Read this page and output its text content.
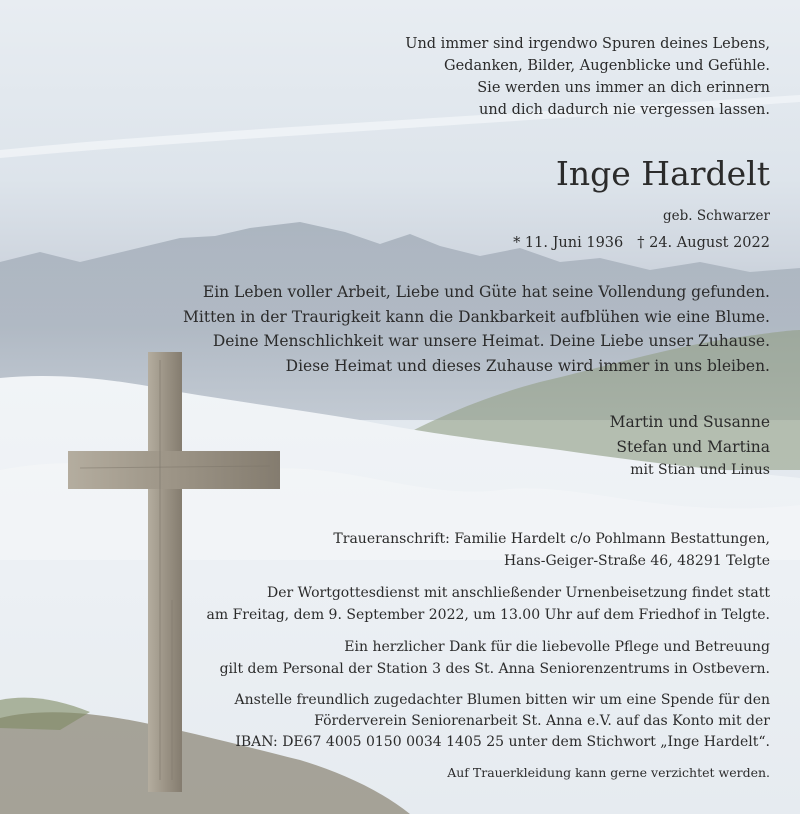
Und immer sind irgendwo Spuren deines Lebens,
Gedanken, Bilder, Augenblicke und Gefühle.
Sie werden uns immer an dich erinnern
und dich dadurch nie vergessen lassen.
Inge Hardelt
geb. Schwarzer
* 11. Juni 1936 † 24. August 2022
Ein Leben voller Arbeit, Liebe und Güte hat seine Vollendung gefunden.
Mitten in der Traurigkeit kann die Dankbarkeit aufblühen wie eine Blume.
Deine Menschlichkeit war unsere Heimat. Deine Liebe unser Zuhause.
Diese Heimat und dieses Zuhause wird immer in uns bleiben.
Martin und Susanne
Stefan und Martina
mit Stian und Linus
Traueranschrift: Familie Hardelt c/o Pohlmann Bestattungen,
Hans-Geiger-Straße 46, 48291 Telgte
Der Wortgottesdienst mit anschließender Urnenbeisetzung findet statt
am Freitag, dem 9. September 2022, um 13.00 Uhr auf dem Friedhof in Telgte.
Ein herzlicher Dank für die liebevolle Pflege und Betreuung
gilt dem Personal der Station 3 des St. Anna Seniorenzentrums in Ostbevern.
Anstelle freundlich zugedachter Blumen bitten wir um eine Spende für den
Förderverein Seniorenarbeit St. Anna e.V. auf das Konto mit der
IBAN: DE67 4005 0150 0034 1405 25 unter dem Stichwort „Inge Hardelt“.
Auf Trauerkleidung kann gerne verzichtet werden.
